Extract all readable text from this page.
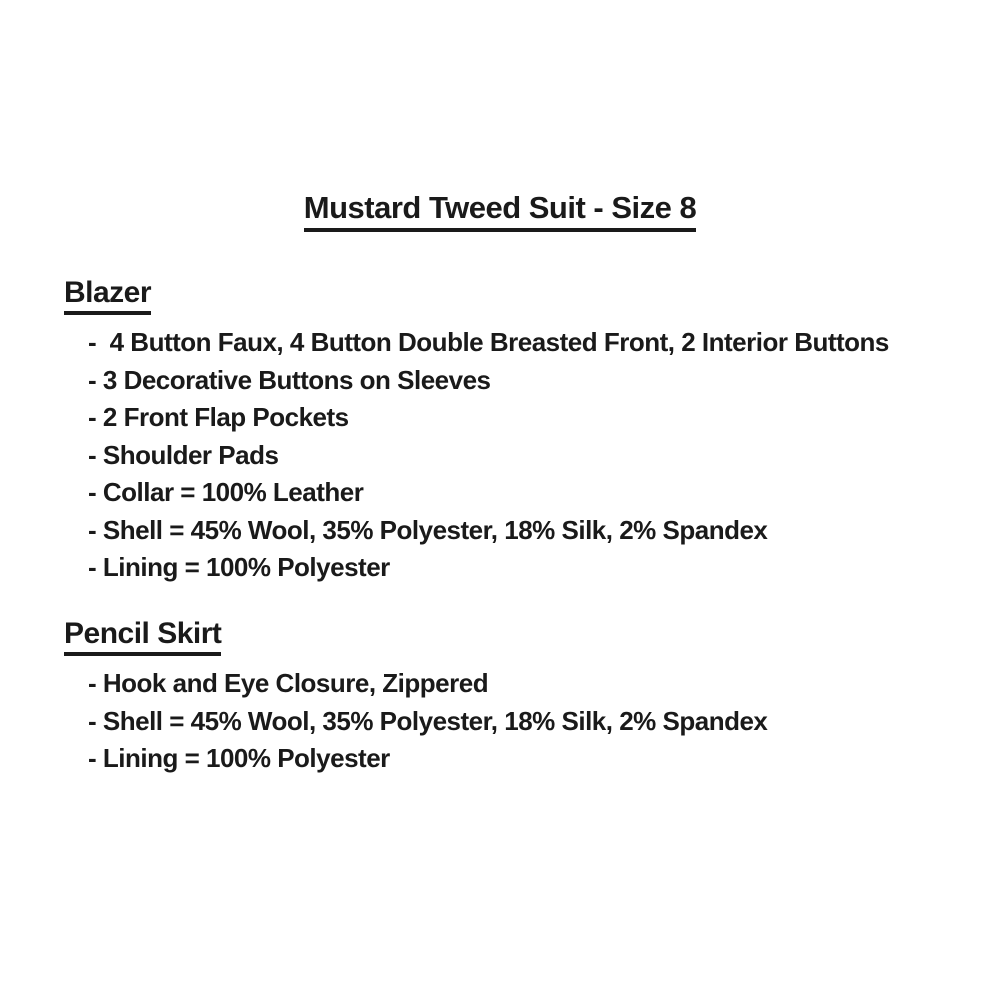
Mustard Tweed Suit - Size 8
Blazer
-  4 Button Faux, 4 Button Double Breasted Front, 2 Interior Buttons
- 3 Decorative Buttons on Sleeves
- 2 Front Flap Pockets
- Shoulder Pads
- Collar = 100% Leather
- Shell = 45% Wool, 35% Polyester, 18% Silk, 2% Spandex
- Lining = 100% Polyester
Pencil Skirt
- Hook and Eye Closure, Zippered
- Shell = 45% Wool, 35% Polyester, 18% Silk, 2% Spandex
- Lining = 100% Polyester
